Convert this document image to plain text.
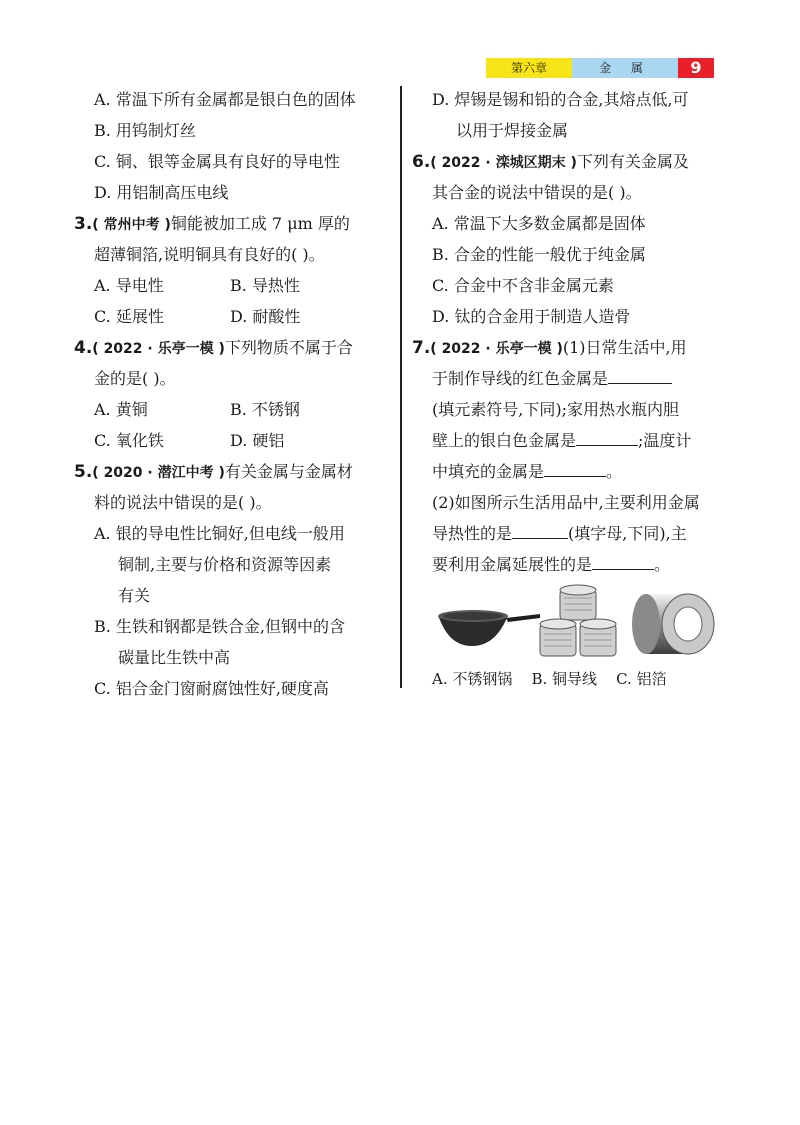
第六章	金 属	9
A. 常温下所有金属都是银白色的固体
B. 用钨制灯丝
C. 铜、银等金属具有良好的导电性
D. 用铝制高压电线
3.( 常州中考 )铜能被加工成 7 μm 厚的
超薄铜箔,说明铜具有良好的( )。
A. 导电性	B. 导热性
C. 延展性	D. 耐酸性
4.( 2022 · 乐亭一模 )下列物质不属于合
金的是( )。
A. 黄铜	B. 不锈钢
C. 氧化铁	D. 硬铝
5.( 2020 · 潜江中考 )有关金属与金属材
料的说法中错误的是( )。
A. 银的导电性比铜好,但电线一般用
铜制,主要与价格和资源等因素
有关
B. 生铁和钢都是铁合金,但钢中的含
碳量比生铁中高
C. 铝合金门窗耐腐蚀性好,硬度高
D. 焊锡是锡和铅的合金,其熔点低,可
以用于焊接金属
6.( 2022 · 滦城区期末 )下列有关金属及
其合金的说法中错误的是( )。
A. 常温下大多数金属都是固体
B. 合金的性能一般优于纯金属
C. 合金中不含非金属元素
D. 钛的合金用于制造人造骨
7.( 2022 · 乐亭一模 )(1)日常生活中,用
于制作导线的红色金属是
(填元素符号,下同);家用热水瓶内胆
壁上的银白色金属是	;温度计
中填充的金属是	。
(2)如图所示生活用品中,主要利用金属
导热性的是	(填字母,下同),主
要利用金属延展性的是	。
A. 不锈钢锅 B. 铜导线 C. 铝箔
